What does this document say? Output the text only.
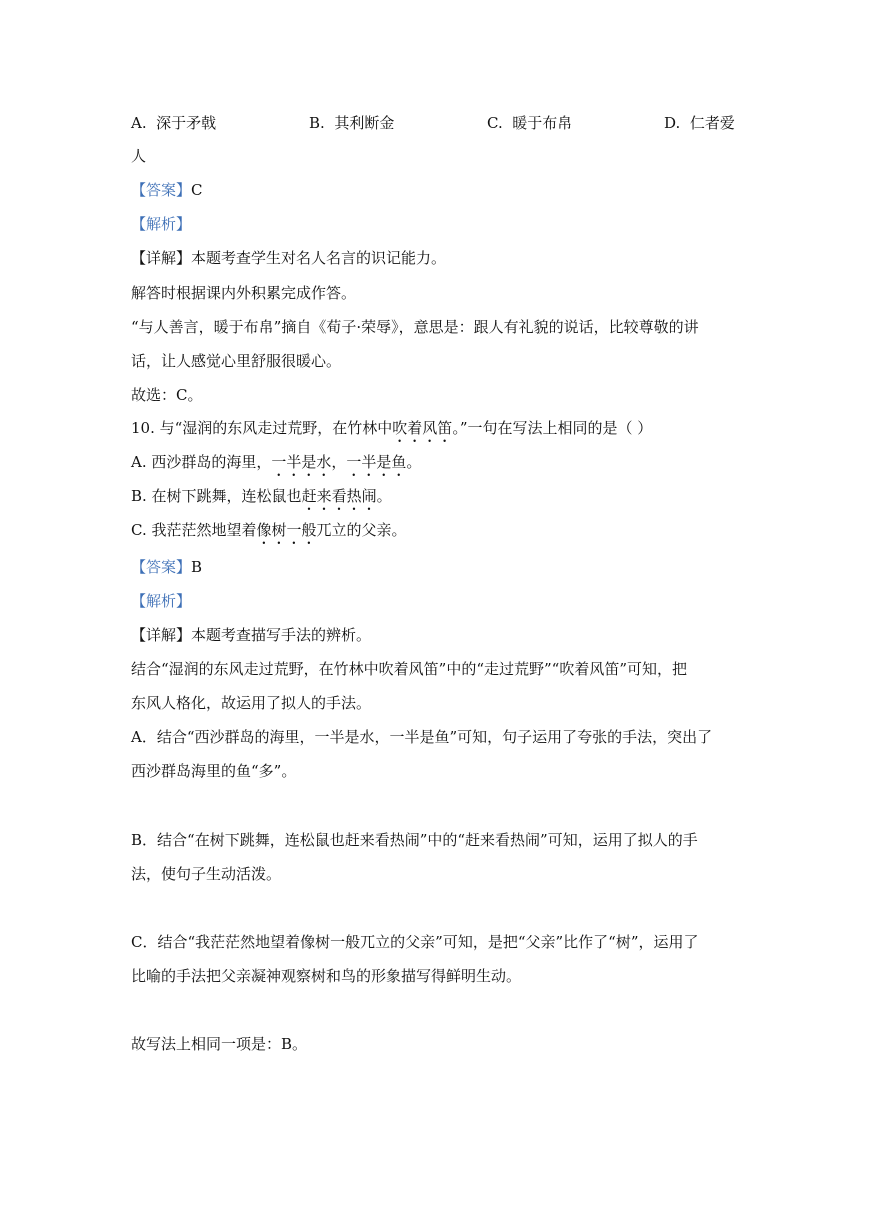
A. 深于矛戟	B. 其利断金	C. 暖于布帛	D. 仁者爱
人
【答案】C
【解析】
【详解】本题考查学生对名人名言的识记能力。
解答时根据课内外积累完成作答。
“与人善言，暖于布帛”摘自《荀子·荣辱》，意思是：跟人有礼貌的说话，比较尊敬的讲
话，让人感觉心里舒服很暖心。
故选：C。
10. 与“湿润的东风走过荒野，在竹林中吹着风笛。”一句在写法上相同的是（ ）
A. 西沙群岛的海里，一半是水，一半是鱼。
B. 在树下跳舞，连松鼠也赶来看热闹。
C. 我茫茫然地望着像树一般兀立的父亲。
【答案】B
【解析】
【详解】本题考查描写手法的辨析。
结合“湿润的东风走过荒野，在竹林中吹着风笛”中的“走过荒野”“吹着风笛”可知，把
东风人格化，故运用了拟人的手法。
A．结合“西沙群岛的海里，一半是水，一半是鱼”可知，句子运用了夸张的手法，突出了
西沙群岛海里的鱼“多”。
B．结合“在树下跳舞，连松鼠也赶来看热闹”中的“赶来看热闹”可知，运用了拟人的手
法，使句子生动活泼。
C．结合“我茫茫然地望着像树一般兀立的父亲”可知，是把“父亲”比作了“树”，运用了
比喻的手法把父亲凝神观察树和鸟的形象描写得鲜明生动。
故写法上相同一项是：B。
